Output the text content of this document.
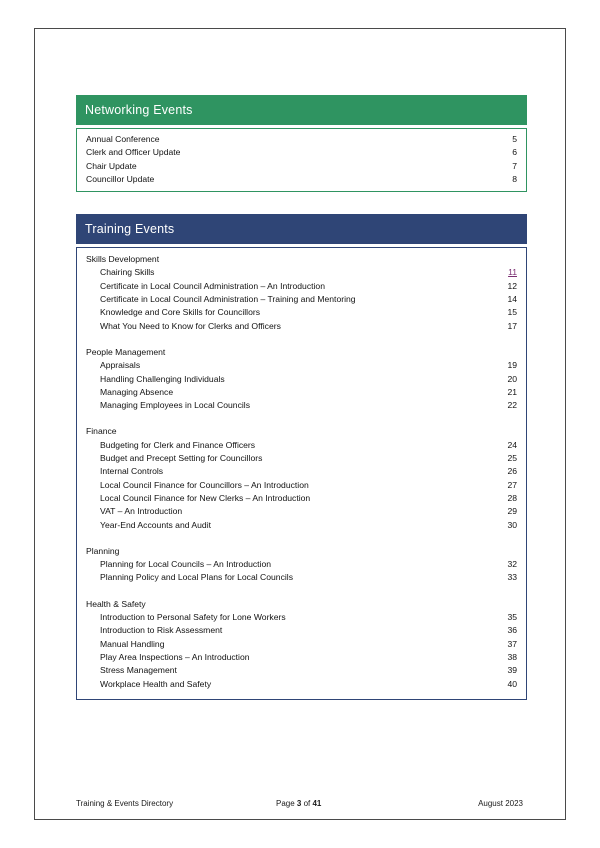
Networking Events
Annual Conference	5
Clerk and Officer Update	6
Chair Update	7
Councillor Update	8
Training Events
Skills Development
Chairing Skills	11
Certificate in Local Council Administration – An Introduction	12
Certificate in Local Council Administration – Training and Mentoring	14
Knowledge and Core Skills for Councillors	15
What You Need to Know for Clerks and Officers	17
People Management
Appraisals	19
Handling Challenging Individuals	20
Managing Absence	21
Managing Employees in Local Councils	22
Finance
Budgeting for Clerk and Finance Officers	24
Budget and Precept Setting for Councillors	25
Internal Controls	26
Local Council Finance for Councillors – An Introduction	27
Local Council Finance for New Clerks – An Introduction	28
VAT – An Introduction	29
Year-End Accounts and Audit	30
Planning
Planning for Local Councils – An Introduction	32
Planning Policy and Local Plans for Local Councils	33
Health & Safety
Introduction to Personal Safety for Lone Workers	35
Introduction to Risk Assessment	36
Manual Handling	37
Play Area Inspections – An Introduction	38
Stress Management	39
Workplace Health and Safety	40
Training & Events Directory	Page 3 of 41	August 2023
